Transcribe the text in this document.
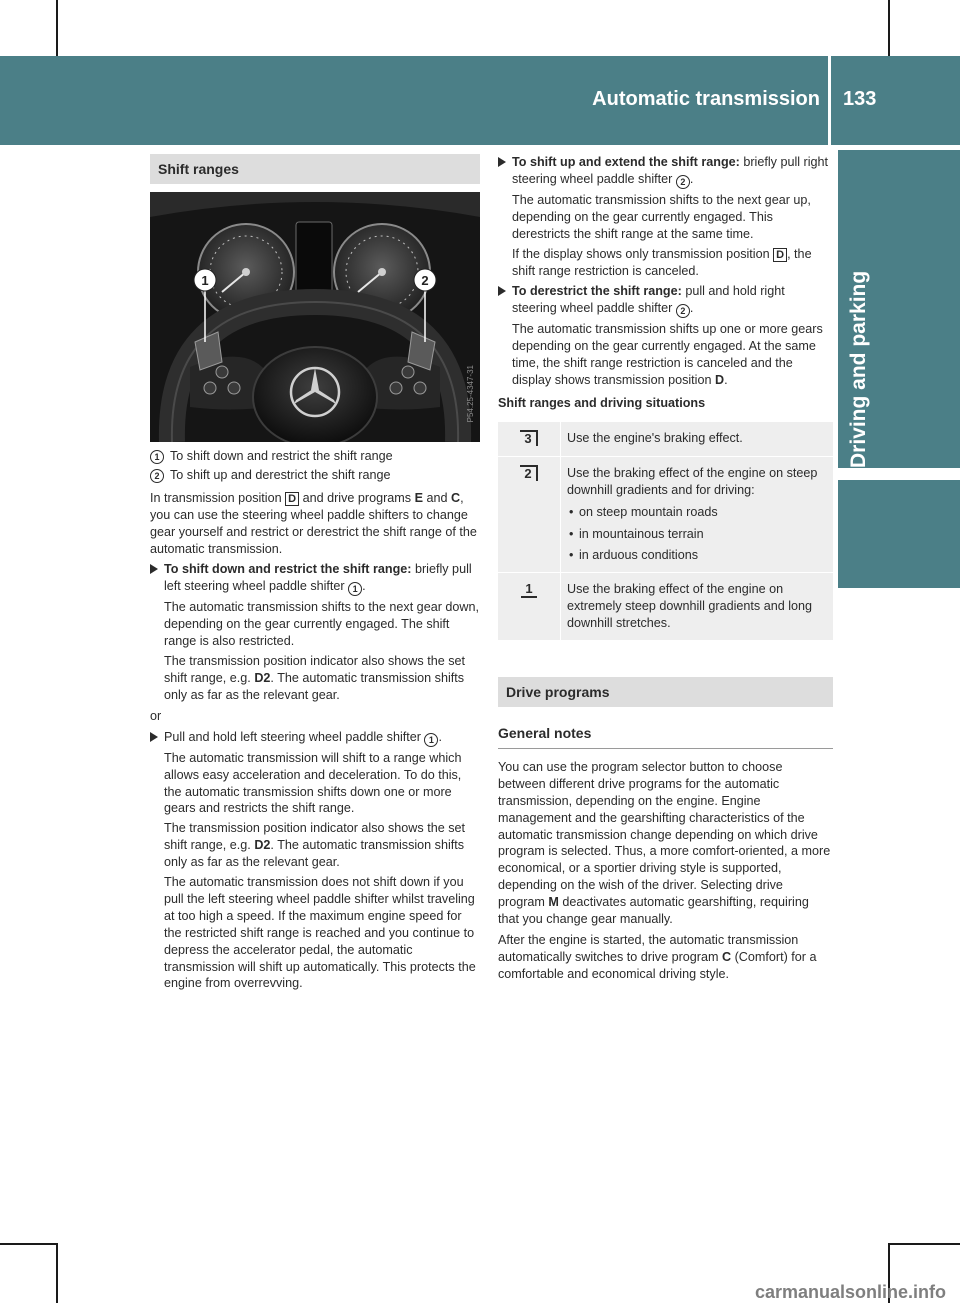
Automatic transmission 133
Driving and parking
Shift ranges
1	2
P54.25-4347-31
1 To shift down and restrict the shift range
2 To shift up and derestrict the shift range

In transmission position D and drive programs E and C, you can use the steering wheel paddle shifters to change gear yourself and restrict or derestrict the shift range of the automatic transmission.

To shift down and restrict the shift range: briefly pull left steering wheel paddle shifter 1 .

The automatic transmission shifts to the next gear down, depending on the gear currently engaged. The shift range is also restricted.

The transmission position indicator also shows the set shift range, e.g. D2. The automatic transmission shifts only as far as the relevant gear.

or

Pull and hold left steering wheel paddle shifter 1 .

The automatic transmission will shift to a range which allows easy acceleration and deceleration. To do this, the automatic transmission shifts down one or more gears and restricts the shift range.

The transmission position indicator also shows the set shift range, e.g. D2. The automatic transmission shifts only as far as the relevant gear.

The automatic transmission does not shift down if you pull the left steering wheel paddle shifter whilst traveling at too high a speed. If the maximum engine speed for the restricted shift range is reached and you continue to depress the accelerator pedal, the automatic transmission will shift up automatically. This protects the engine from overrevving.

To shift up and extend the shift range: briefly pull right steering wheel paddle shifter 2 .

The automatic transmission shifts to the next gear up, depending on the gear currently engaged. This derestricts the shift range at the same time.

If the display shows only transmission position D , the shift range restriction is canceled.

To derestrict the shift range: pull and hold right steering wheel paddle shifter 2 .

The automatic transmission shifts up one or more gears depending on the gear currently engaged. At the same time, the shift range restriction is canceled and the display shows transmission position D.

Shift ranges and driving situations

3	Use the engine's braking effect.
2	Use the braking effect of the engine on steep downhill gradients and for driving:
• on steep mountain roads
• in mountainous terrain
• in arduous conditions

1	Use the braking effect of the engine on extremely steep downhill gradients and long downhill stretches.
Drive programs
General notes

You can use the program selector button to choose between different drive programs for the automatic transmission, depending on the engine. Engine management and the gearshifting characteristics of the automatic transmission change depending on which drive program is selected. Thus, a more comfort-oriented, a more economical, or a sportier driving style is supported, depending on the wish of the driver. Selecting drive program M deactivates automatic gearshifting, requiring that you change gear manually.

After the engine is started, the automatic transmission automatically switches to drive program C (Comfort) for a comfortable and economical driving style.

carmanualsonline.info
